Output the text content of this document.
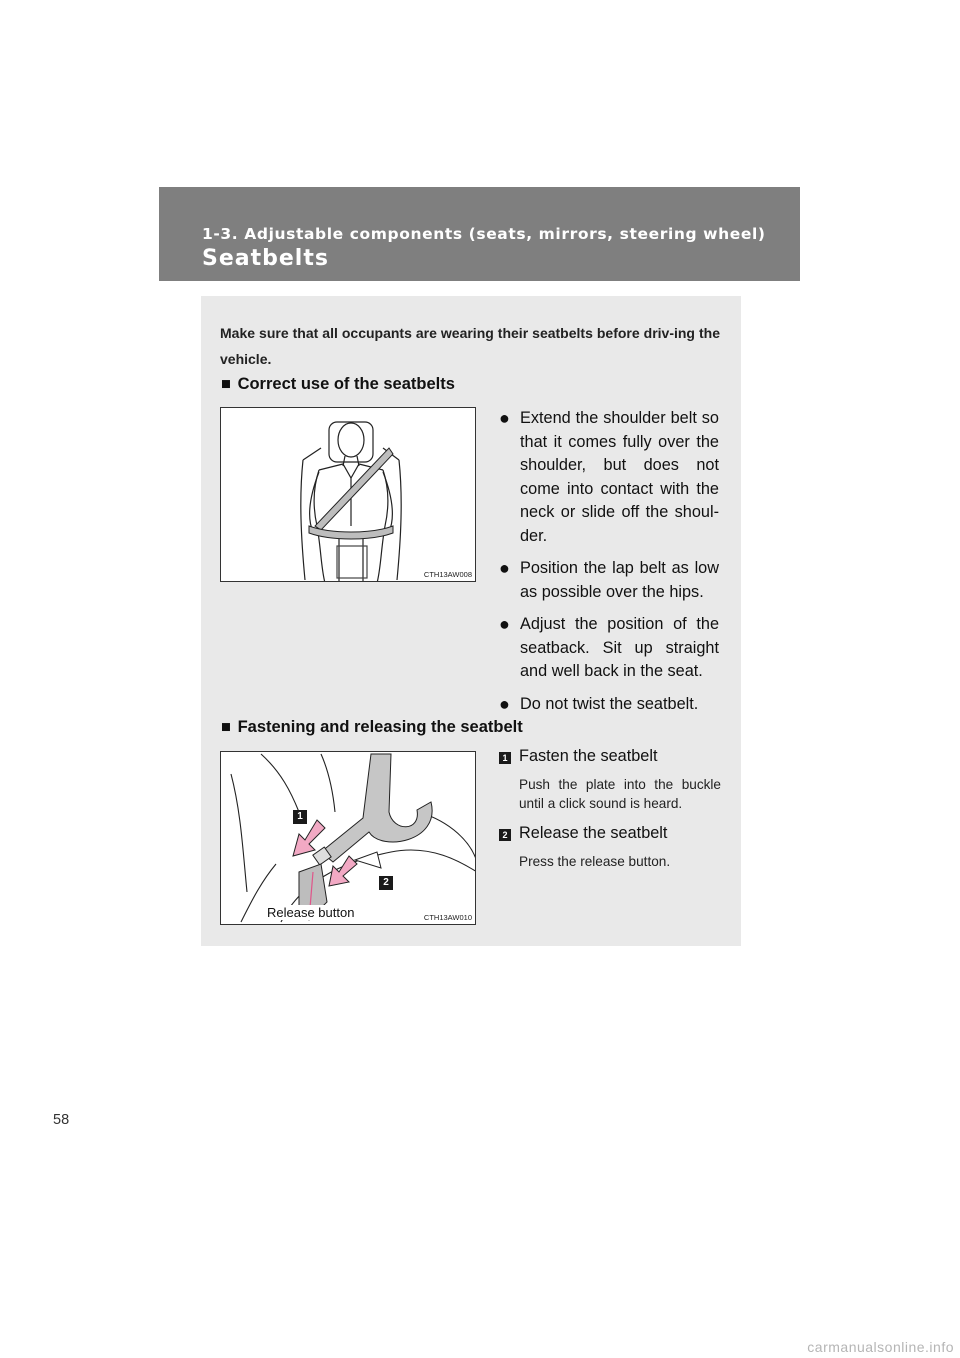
1-3. Adjustable components (seats, mirrors, steering wheel)
Seatbelts
Make sure that all occupants are wearing their seatbelts before driv-ing the vehicle.
■ Correct use of the seatbelts
CTH13AW008
● Extend the shoulder belt so that it comes fully over the shoulder, but does not come into contact with the neck or slide off the shoul-der.
● Position the lap belt as low as possible over the hips.
● Adjust the position of the seatback. Sit up straight and well back in the seat.
● Do not twist the seatbelt.
■ Fastening and releasing the seatbelt
1
2
Release button	CTH13AW010
1 Fasten the seatbelt
Push the plate into the buckle until a click sound is heard.
2 Release the seatbelt
Press the release button.
58
carmanualsonline.info
